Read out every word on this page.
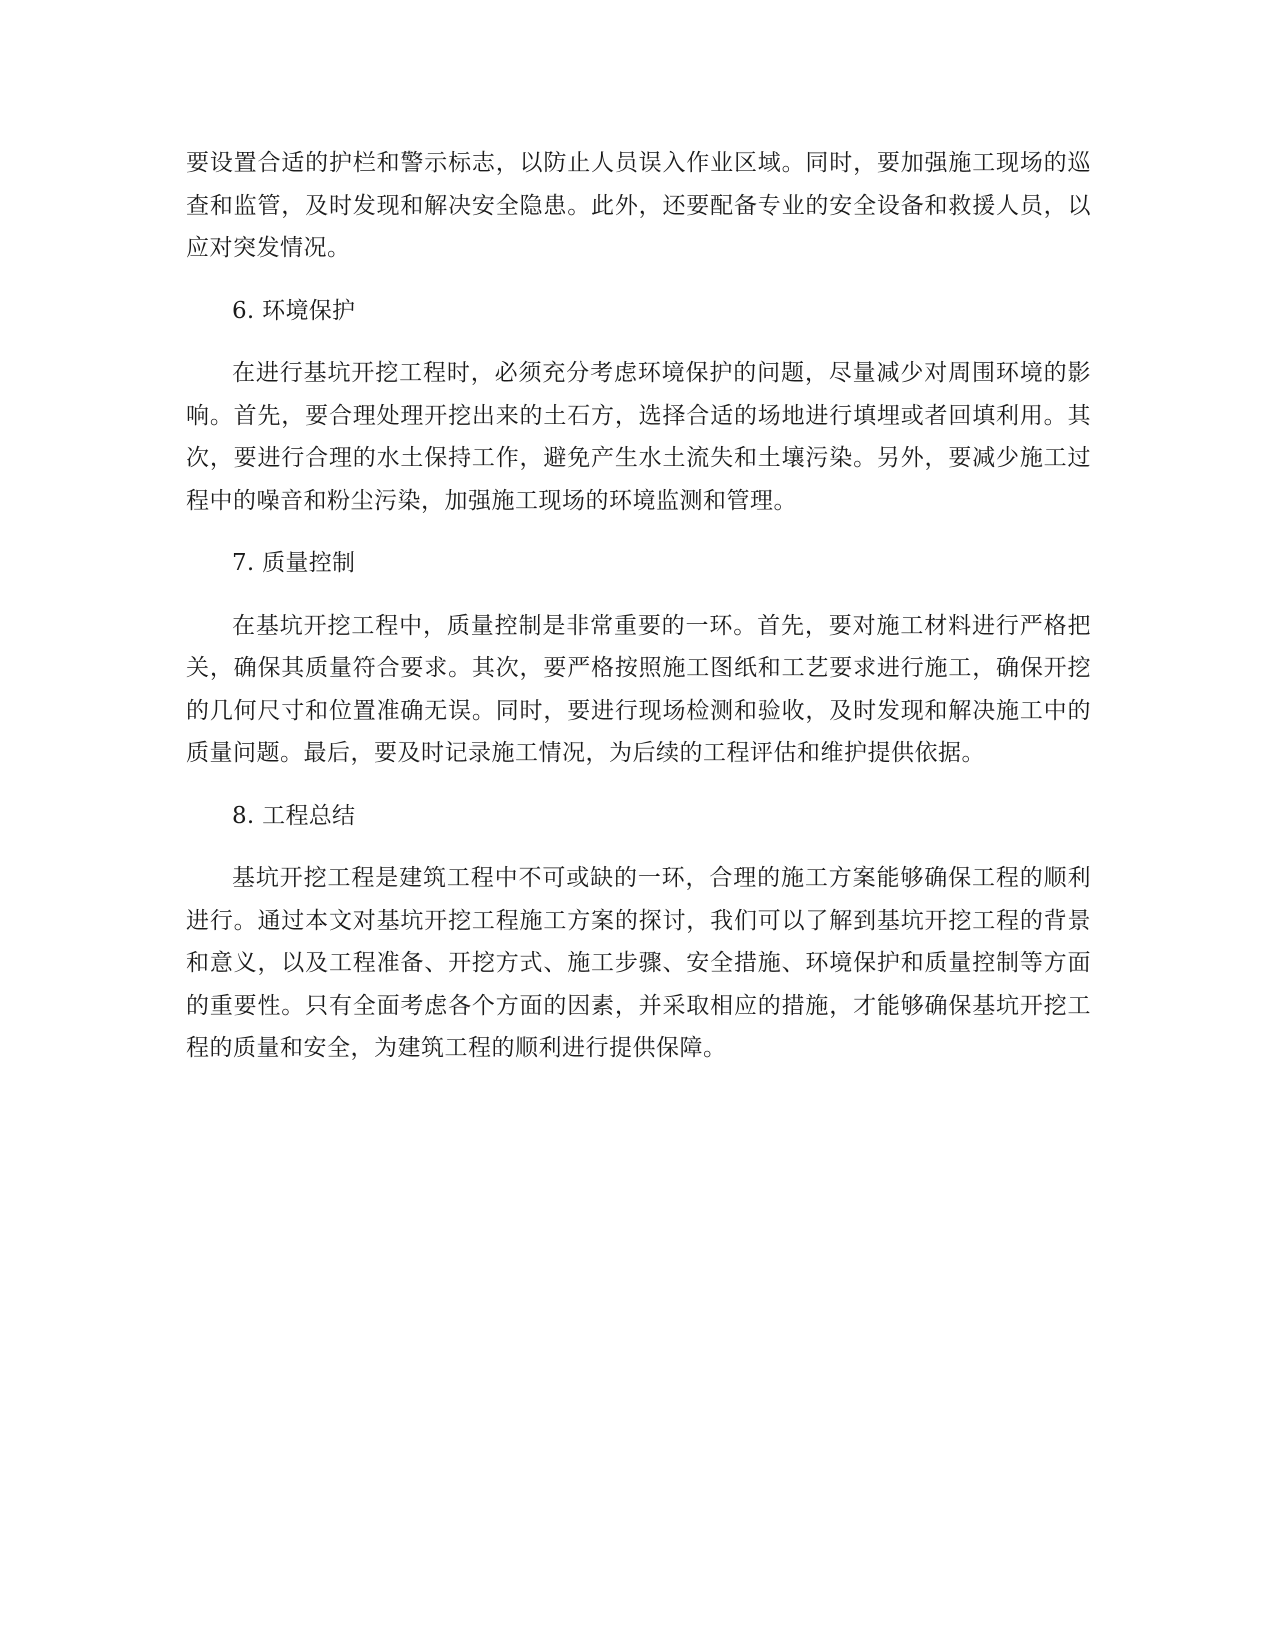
要设置合适的护栏和警示标志，以防止人员误入作业区域。同时，要加强施工现场的巡查和监管，及时发现和解决安全隐患。此外，还要配备专业的安全设备和救援人员，以应对突发情况。

6. 环境保护

在进行基坑开挖工程时，必须充分考虑环境保护的问题，尽量减少对周围环境的影响。首先，要合理处理开挖出来的土石方，选择合适的场地进行填埋或者回填利用。其次，要进行合理的水土保持工作，避免产生水土流失和土壤污染。另外，要减少施工过程中的噪音和粉尘污染，加强施工现场的环境监测和管理。

7. 质量控制

在基坑开挖工程中，质量控制是非常重要的一环。首先，要对施工材料进行严格把关，确保其质量符合要求。其次，要严格按照施工图纸和工艺要求进行施工，确保开挖的几何尺寸和位置准确无误。同时，要进行现场检测和验收，及时发现和解决施工中的质量问题。最后，要及时记录施工情况，为后续的工程评估和维护提供依据。

8. 工程总结

基坑开挖工程是建筑工程中不可或缺的一环，合理的施工方案能够确保工程的顺利进行。通过本文对基坑开挖工程施工方案的探讨，我们可以了解到基坑开挖工程的背景和意义，以及工程准备、开挖方式、施工步骤、安全措施、环境保护和质量控制等方面的重要性。只有全面考虑各个方面的因素，并采取相应的措施，才能够确保基坑开挖工程的质量和安全，为建筑工程的顺利进行提供保障。
